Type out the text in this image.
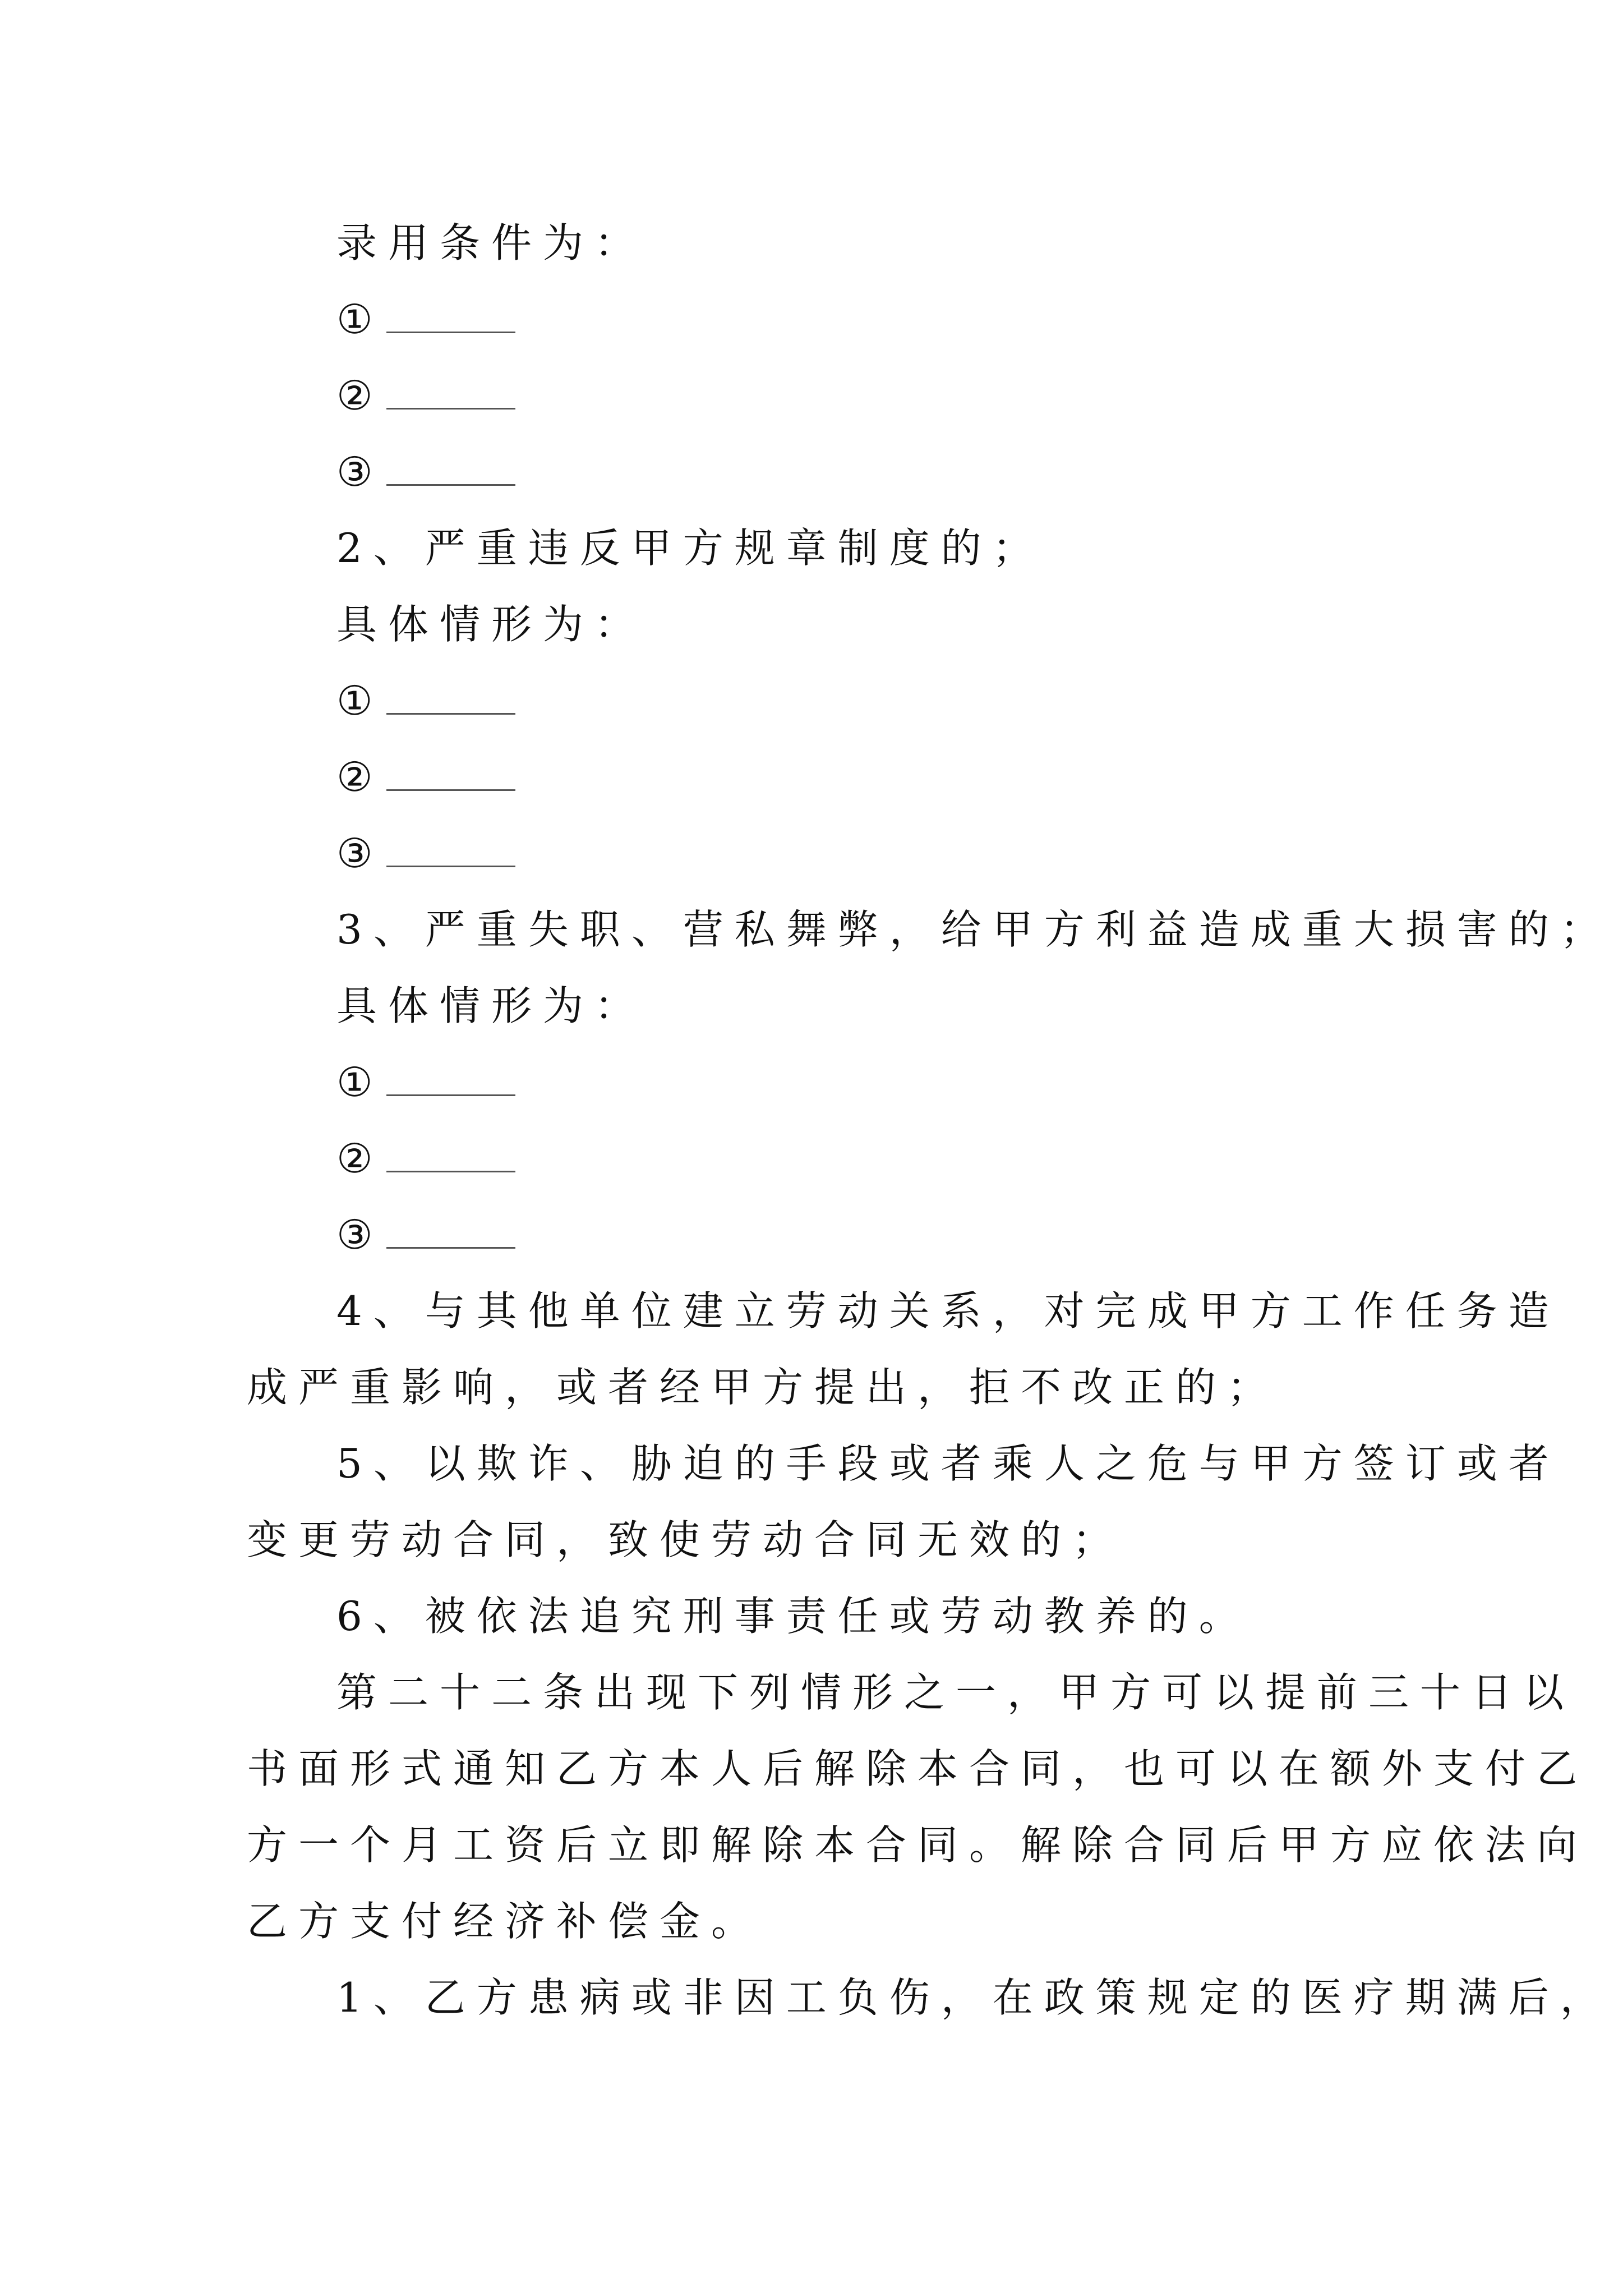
录用条件为：
①
②
③
2、严重违反甲方规章制度的；
具体情形为：
①
②
③
3、严重失职、营私舞弊，给甲方利益造成重大损害的；
具体情形为：
①
②
③
4、与其他单位建立劳动关系，对完成甲方工作任务造
成严重影响，或者经甲方提出，拒不改正的；
5、以欺诈、胁迫的手段或者乘人之危与甲方签订或者
变更劳动合同，致使劳动合同无效的；
6、被依法追究刑事责任或劳动教养的。
第二十二条出现下列情形之一，甲方可以提前三十日以
书面形式通知乙方本人后解除本合同，也可以在额外支付乙
方一个月工资后立即解除本合同。解除合同后甲方应依法向
乙方支付经济补偿金。
1、乙方患病或非因工负伤，在政策规定的医疗期满后，
